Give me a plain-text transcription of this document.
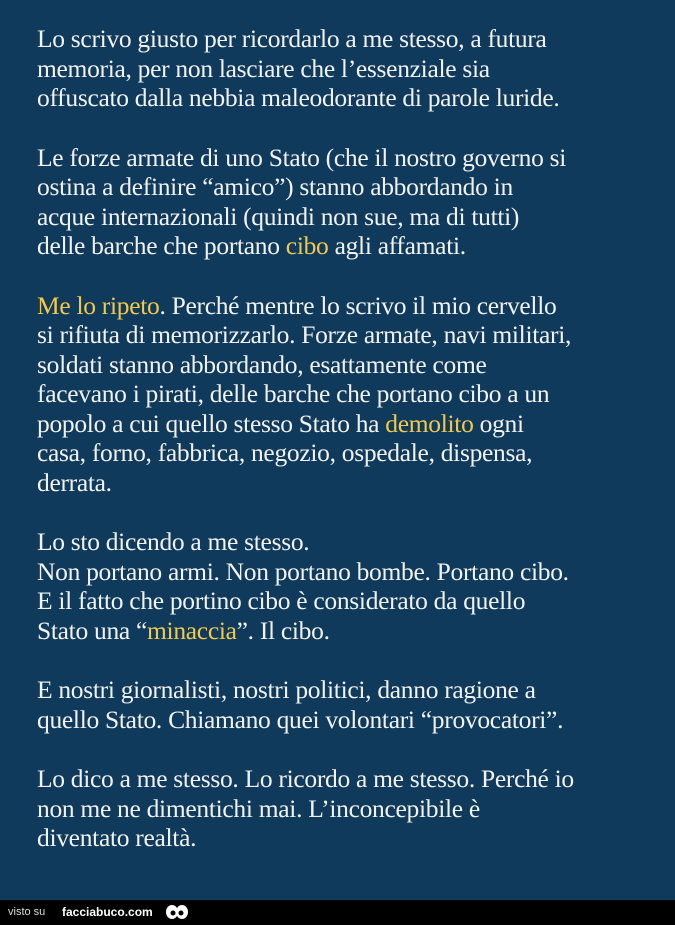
Lo scrivo giusto per ricordarlo a me stesso, a futura
memoria, per non lasciare che l’essenziale sia
offuscato dalla nebbia maleodorante di parole luride.
Le forze armate di uno Stato (che il nostro governo si
ostina a definire “amico”) stanno abbordando in
acque internazionali (quindi non sue, ma di tutti)
delle barche che portano cibo agli affamati.
Me lo ripeto. Perché mentre lo scrivo il mio cervello
si rifiuta di memorizzarlo. Forze armate, navi militari,
soldati stanno abbordando, esattamente come
facevano i pirati, delle barche che portano cibo a un
popolo a cui quello stesso Stato ha demolito ogni
casa, forno, fabbrica, negozio, ospedale, dispensa,
derrata.
Lo sto dicendo a me stesso.
Non portano armi. Non portano bombe. Portano cibo.
E il fatto che portino cibo è considerato da quello
Stato una “minaccia”. Il cibo.
E nostri giornalisti, nostri politici, danno ragione a
quello Stato. Chiamano quei volontari “provocatori”.
Lo dico a me stesso. Lo ricordo a me stesso. Perché io
non me ne dimentichi mai. L’inconcepibile è
diventato realtà.
visto su facciabuco.com
